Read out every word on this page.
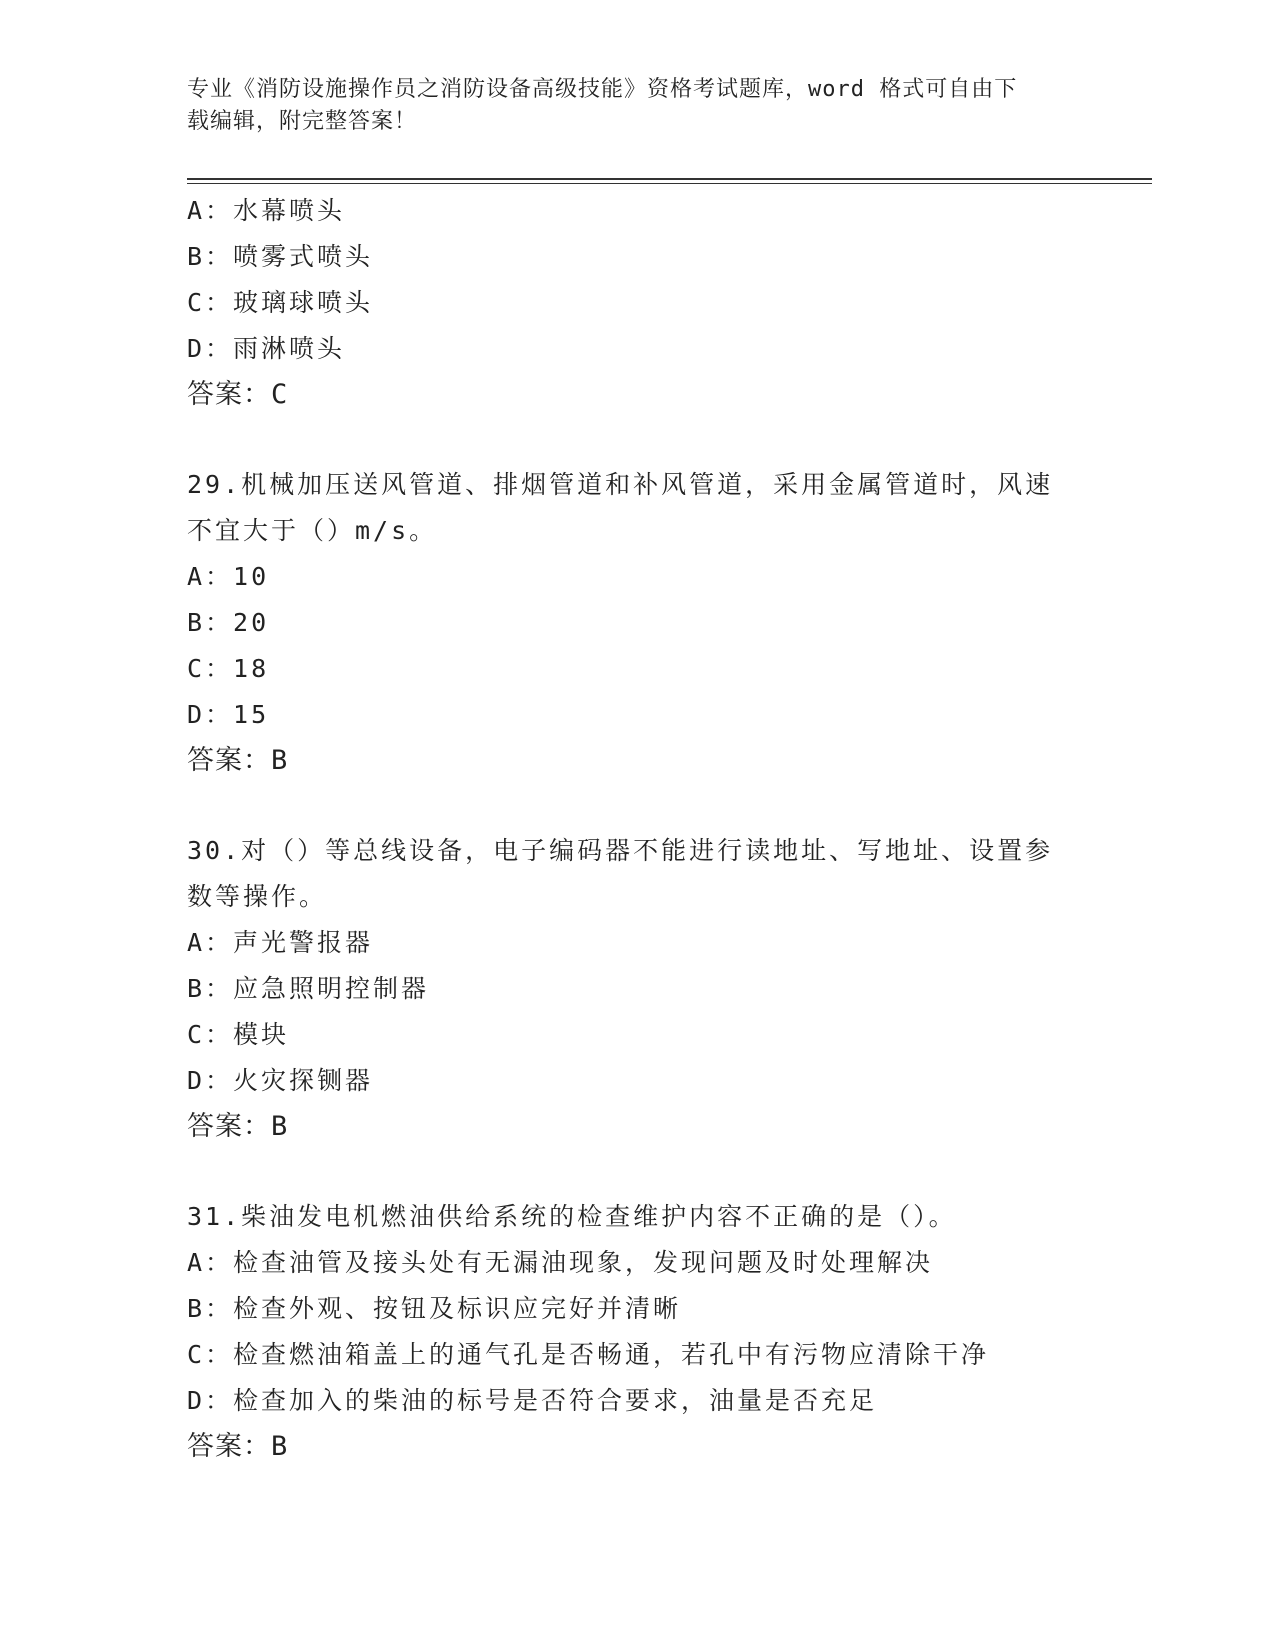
专业《消防设施操作员之消防设备高级技能》资格考试题库，word 格式可自由下
载编辑，附完整答案！
A：水幕喷头
B：喷雾式喷头
C：玻璃球喷头
D：雨淋喷头
答案：C
29.机械加压送风管道、排烟管道和补风管道，采用金属管道时，风速
不宜大于（）m/s。
A：10
B：20
C：18
D：15
答案：B
30.对（）等总线设备，电子编码器不能进行读地址、写地址、设置参
数等操作。
A：声光警报器
B：应急照明控制器
C：模块
D：火灾探铡器
答案：B
31.柴油发电机燃油供给系统的检查维护内容不正确的是（）。
A：检查油管及接头处有无漏油现象，发现问题及时处理解决
B：检查外观、按钮及标识应完好并清晰
C：检查燃油箱盖上的通气孔是否畅通，若孔中有污物应清除干净
D：检查加入的柴油的标号是否符合要求，油量是否充足
答案：B
